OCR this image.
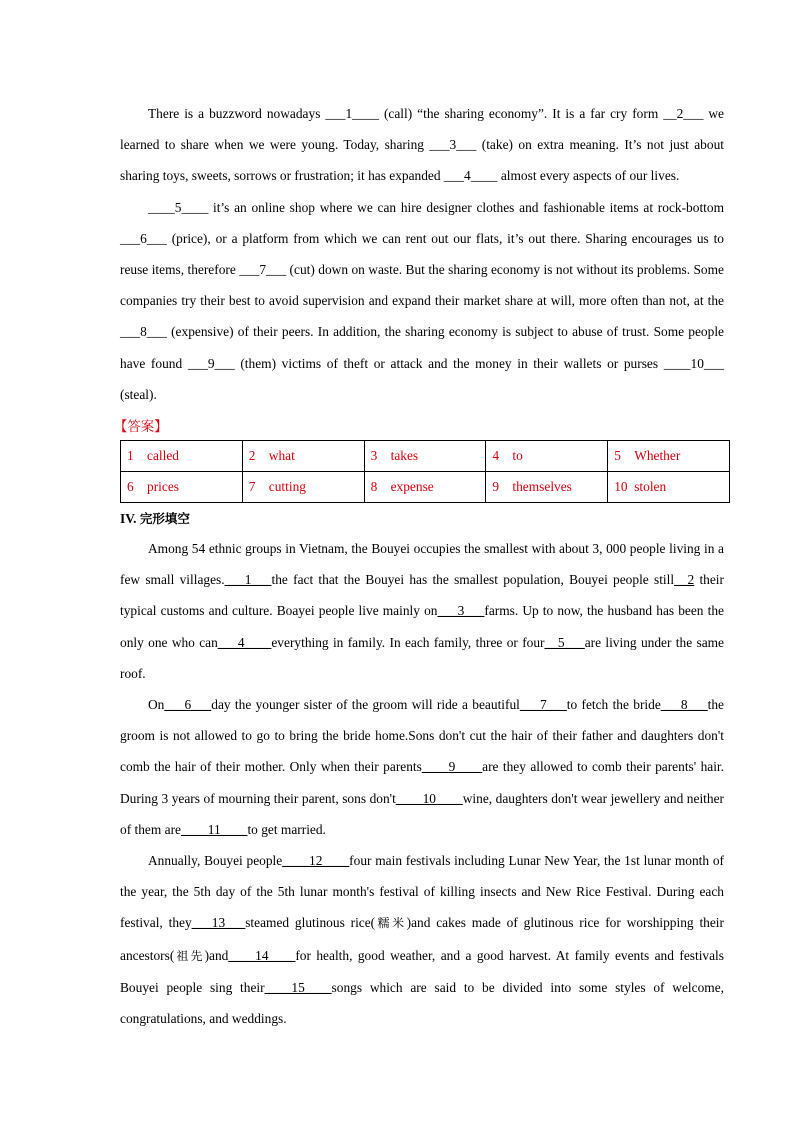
There is a buzzword nowadays ___1____ (call) “the sharing economy”. It is a far cry form __2___ we learned to share when we were young. Today, sharing ___3___ (take) on extra meaning. It’s not just about sharing toys, sweets, sorrows or frustration; it has expanded ___4____ almost every aspects of our lives.

____5____ it’s an online shop where we can hire designer clothes and fashionable items at rock-bottom ___6___ (price), or a platform from which we can rent out our flats, it’s out there. Sharing encourages us to reuse items, therefore ___7___ (cut) down on waste. But the sharing economy is not without its problems. Some companies try their best to avoid supervision and expand their market share at will, more often than not, at the ___8___ (expensive) of their peers. In addition, the sharing economy is subject to abuse of trust. Some people have found ___9___ (them) victims of theft or attack and the money in their wallets or purses ____10___ (steal).

【答案】
1 called	2 what	3 takes	4 to	5 Whether
6 prices	7 cutting	8 expense	9 themselves	10 stolen
IV. 完形填空

Among 54 ethnic groups in Vietnam, the Bouyei occupies the smallest with about 3, 000 people living in a few small villages.___1___the fact that the Bouyei has the smallest population, Bouyei people still__2 their typical customs and culture. Boayei people live mainly on___3___farms. Up to now, the husband has been the only one who can___4____everything in family. In each family, three or four__5___are living under the same roof.

On___6___day the younger sister of the groom will ride a beautiful___7___to fetch the bride___8___the groom is not allowed to go to bring the bride home.Sons don't cut the hair of their father and daughters don't comb the hair of their mother. Only when their parents____9____are they allowed to comb their parents' hair. During 3 years of mourning their parent, sons don't____10____wine, daughters don't wear jewellery and neither of them are____11____to get married.

Annually, Bouyei people____12____four main festivals including Lunar New Year, the 1st lunar month of the year, the 5th day of the 5th lunar month's festival of killing insects and New Rice Festival. During each festival, they___13___steamed glutinous rice(糯米)and cakes made of glutinous rice for worshipping their ancestors(祖先)and____14____for health, good weather, and a good harvest. At family events and festivals Bouyei people sing their____15____songs which are said to be divided into some styles of welcome, congratulations, and weddings.
